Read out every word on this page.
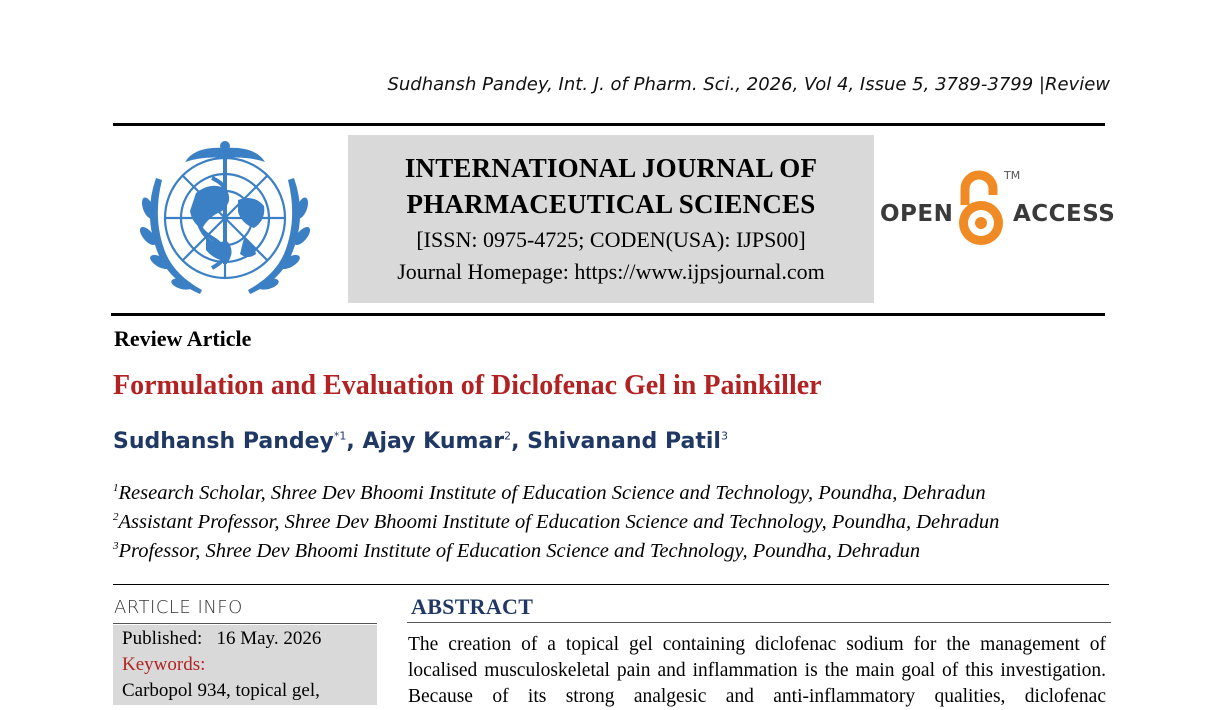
Sudhansh Pandey, Int. J. of Pharm. Sci., 2026, Vol 4, Issue 5, 3789-3799 |Review
INTERNATIONAL JOURNAL OF
PHARMACEUTICAL SCIENCES
[ISSN: 0975-4725; CODEN(USA): IJPS00]
Journal Homepage: https://www.ijpsjournal.com
OPEN
TM
ACCESS
Review Article
Formulation and Evaluation of Diclofenac Gel in Painkiller
Sudhansh Pandey$^{*1}$, Ajay Kumar$^2$, Shivanand Patil$^3$
$^1$Research Scholar, Shree Dev Bhoomi Institute of Education Science and Technology, Poundha, Dehradun
$^2$Assistant Professor, Shree Dev Bhoomi Institute of Education Science and Technology, Poundha, Dehradun
$^3$Professor, Shree Dev Bhoomi Institute of Education Science and Technology, Poundha, Dehradun
ARTICLE INFO
Published: 16 May. 2026
Keywords:
Carbopol 934, topical gel,
ABSTRACT
The creation of a topical gel containing diclofenac sodium for the management of
localised musculoskeletal pain and inflammation is the main goal of this investigation.
Because of its strong analgesic and anti-inflammatory qualities, diclofenac
